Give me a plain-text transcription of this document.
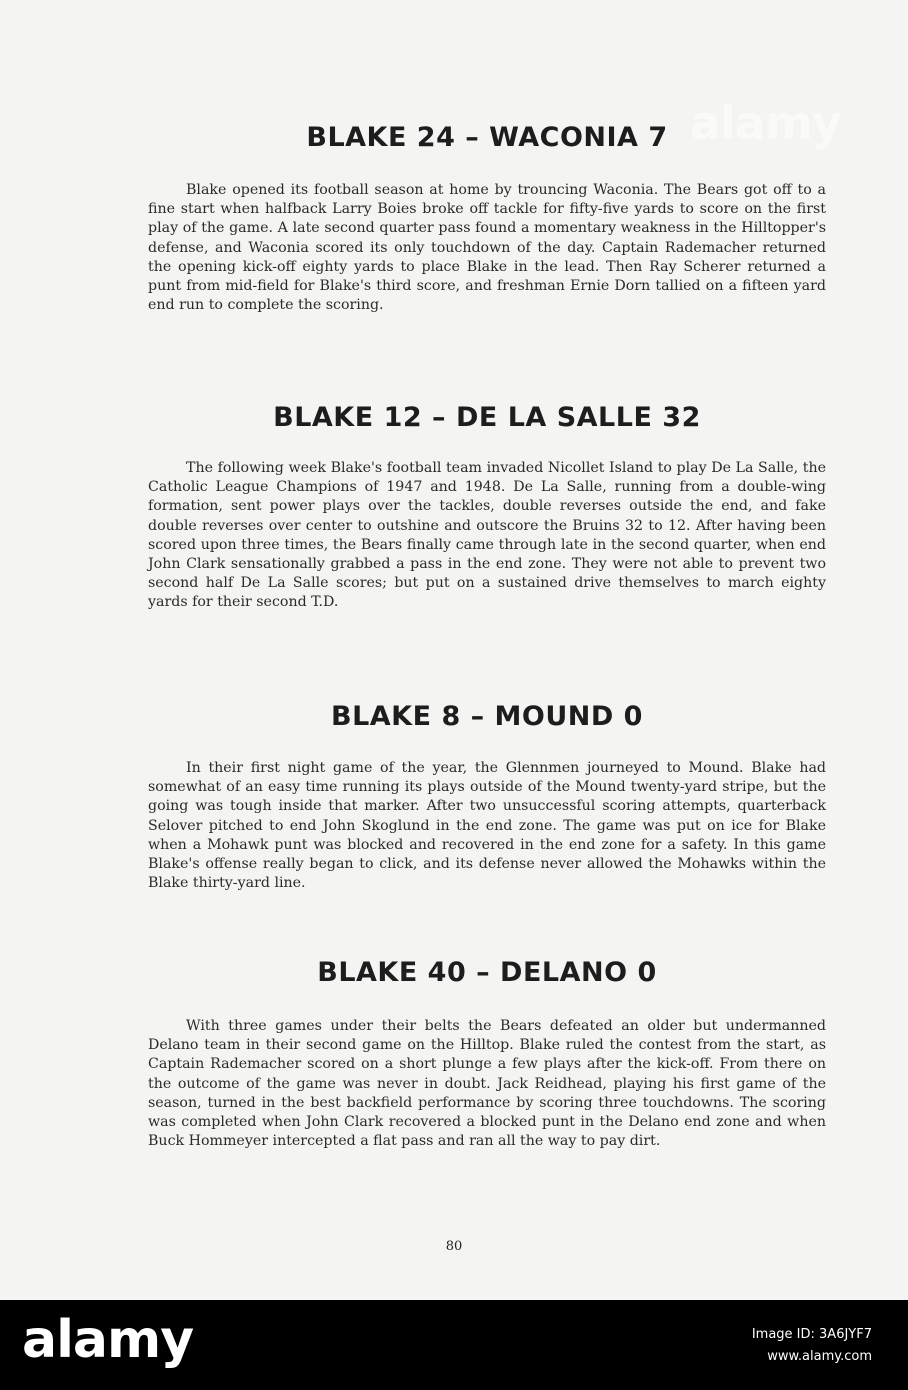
alamy
BLAKE 24 – WACONIA 7

Blake opened its football season at home by trouncing Waconia. The Bears got off to a fine start when halfback Larry Boies broke off tackle for fifty-five yards to score on the first play of the game. A late second quarter pass found a momentary weakness in the Hilltopper's defense, and Waconia scored its only touchdown of the day. Captain Rademacher returned the opening kick-off eighty yards to place Blake in the lead. Then Ray Scherer returned a punt from mid-field for Blake's third score, and freshman Ernie Dorn tallied on a fifteen yard end run to complete the scoring.

BLAKE 12 – DE LA SALLE 32

The following week Blake's football team invaded Nicollet Island to play De La Salle, the Catholic League Champions of 1947 and 1948. De La Salle, running from a double-wing formation, sent power plays over the tackles, double reverses outside the end, and fake double reverses over center to outshine and outscore the Bruins 32 to 12. After having been scored upon three times, the Bears finally came through late in the second quarter, when end John Clark sensationally grabbed a pass in the end zone. They were not able to prevent two second half De La Salle scores; but put on a sustained drive themselves to march eighty yards for their second T.D.

BLAKE 8 – MOUND 0

In their first night game of the year, the Glennmen journeyed to Mound. Blake had somewhat of an easy time running its plays outside of the Mound twenty-yard stripe, but the going was tough inside that marker. After two unsuccessful scoring attempts, quarterback Selover pitched to end John Skoglund in the end zone. The game was put on ice for Blake when a Mohawk punt was blocked and recovered in the end zone for a safety. In this game Blake's offense really began to click, and its defense never allowed the Mohawks within the Blake thirty-yard line.

BLAKE 40 – DELANO 0

With three games under their belts the Bears defeated an older but undermanned Delano team in their second game on the Hilltop. Blake ruled the contest from the start, as Captain Rademacher scored on a short plunge a few plays after the kick-off. From there on the outcome of the game was never in doubt. Jack Reidhead, playing his first game of the season, turned in the best backfield performance by scoring three touchdowns. The scoring was completed when John Clark recovered a blocked punt in the Delano end zone and when Buck Hommeyer intercepted a flat pass and ran all the way to pay dirt.

80
alamy	Image ID: 3A6JYF7
www.alamy.com
